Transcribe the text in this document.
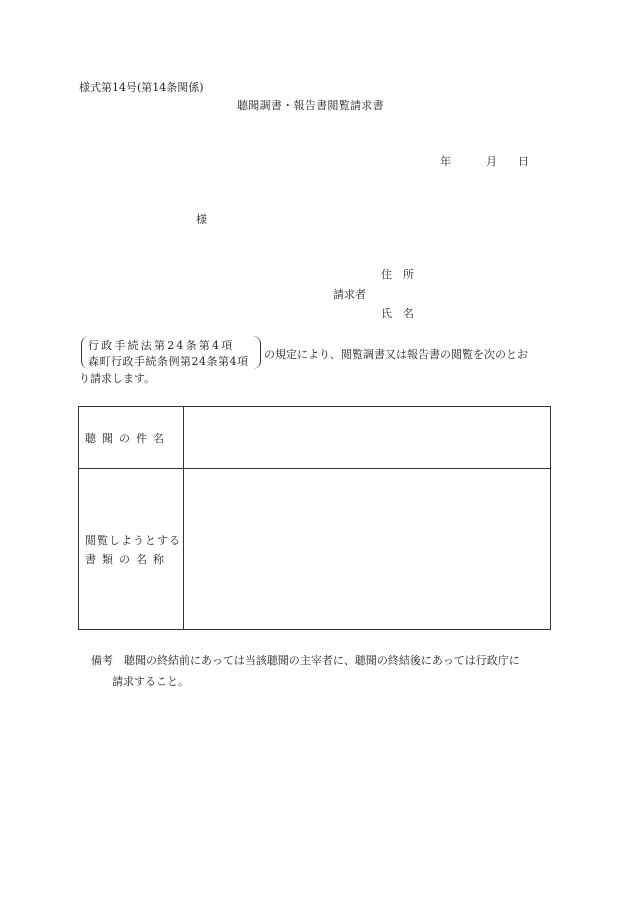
様式第14号(第14条関係)
聴聞調書・報告書閲覧請求書
年	月 日
様
住　所
請求者
氏　名
行政手続法第24条第4項
森町行政手続条例第24条第4項
の規定により、閲覧調書又は報告書の閲覧を次のとお
り請求します。
聴聞の件名	

閲覧しようとする
書類の名称	

備考　聴聞の終結前にあっては当該聴聞の主宰者に、聴聞の終結後にあっては行政庁に
請求すること。
